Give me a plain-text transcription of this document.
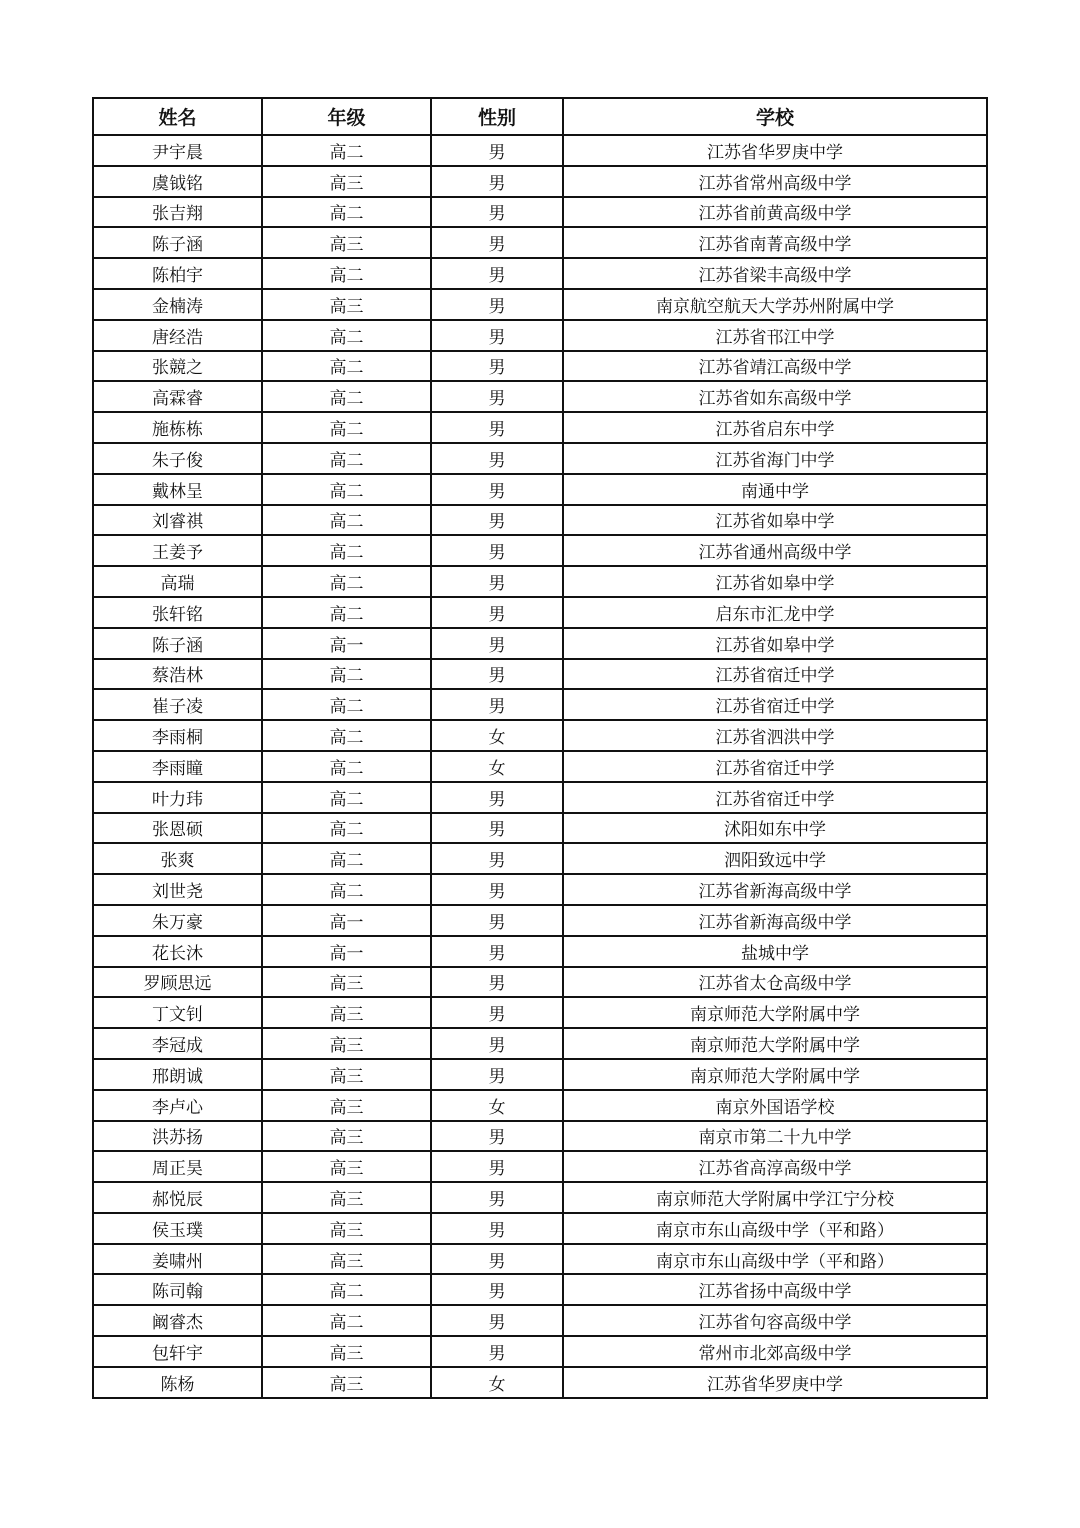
姓名	年级	性别	学校
尹宇晨	高二	男	江苏省华罗庚中学
虞钺铭	高三	男	江苏省常州高级中学
张吉翔	高二	男	江苏省前黄高级中学
陈子涵	高三	男	江苏省南菁高级中学
陈柏宇	高二	男	江苏省梁丰高级中学
金楠涛	高三	男	南京航空航天大学苏州附属中学
唐经浩	高二	男	江苏省邗江中学
张競之	高二	男	江苏省靖江高级中学
高霖睿	高二	男	江苏省如东高级中学
施栋栋	高二	男	江苏省启东中学
朱子俊	高二	男	江苏省海门中学
戴林呈	高二	男	南通中学
刘睿祺	高二	男	江苏省如皋中学
王姜予	高二	男	江苏省通州高级中学
高瑞	高二	男	江苏省如皋中学
张轩铭	高二	男	启东市汇龙中学
陈子涵	高一	男	江苏省如皋中学
蔡浩林	高二	男	江苏省宿迁中学
崔子凌	高二	男	江苏省宿迁中学
李雨桐	高二	女	江苏省泗洪中学
李雨瞳	高二	女	江苏省宿迁中学
叶力玮	高二	男	江苏省宿迁中学
张恩硕	高二	男	沭阳如东中学
张爽	高二	男	泗阳致远中学
刘世尧	高二	男	江苏省新海高级中学
朱万豪	高一	男	江苏省新海高级中学
花长沐	高一	男	盐城中学
罗顾思远	高三	男	江苏省太仓高级中学
丁文钊	高三	男	南京师范大学附属中学
李冠成	高三	男	南京师范大学附属中学
邢朗诚	高三	男	南京师范大学附属中学
李卢心	高三	女	南京外国语学校
洪苏扬	高三	男	南京市第二十九中学
周正昊	高三	男	江苏省高淳高级中学
郝悦辰	高三	男	南京师范大学附属中学江宁分校
侯玉璞	高三	男	南京市东山高级中学（平和路）
姜啸州	高三	男	南京市东山高级中学（平和路）
陈司翰	高二	男	江苏省扬中高级中学
阚睿杰	高二	男	江苏省句容高级中学
包轩宇	高三	男	常州市北郊高级中学
陈杨	高三	女	江苏省华罗庚中学
